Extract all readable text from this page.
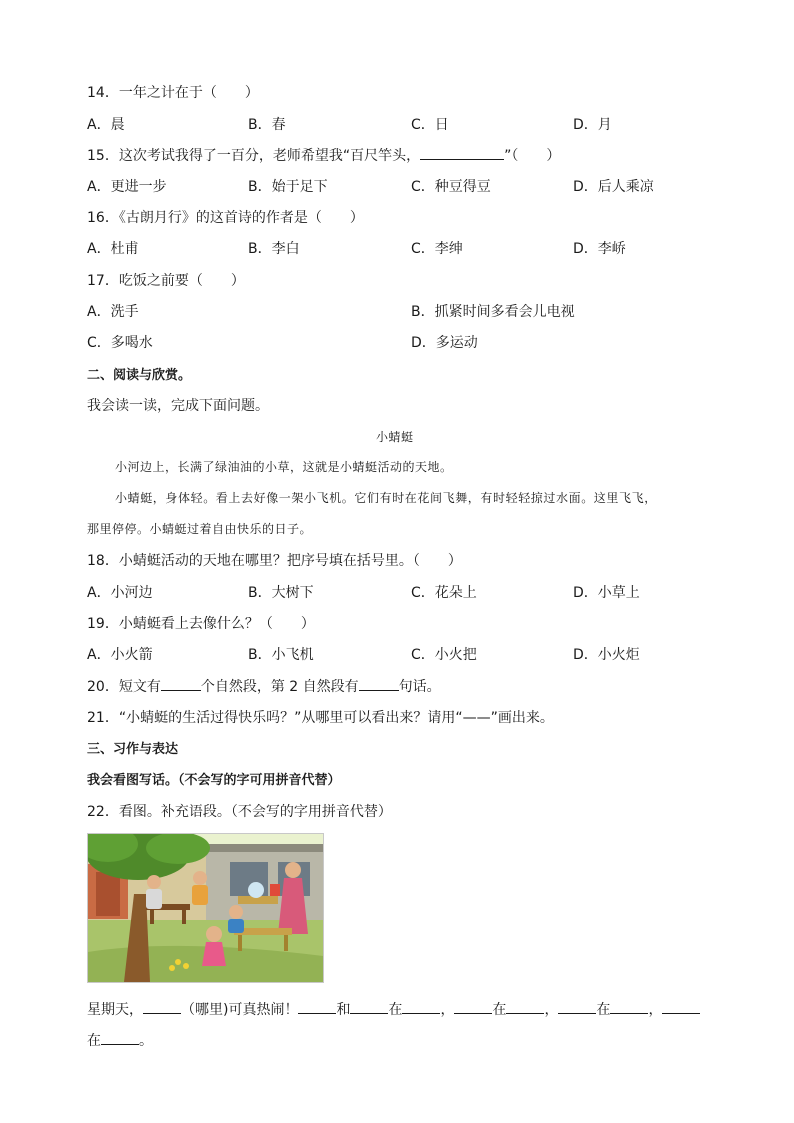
14．一年之计在于（　　）
A．晨	B．春	C．日	D．月
15．这次考试我得了一百分，老师希望我“百尺竿头，	”（　　）
A．更进一步	B．始于足下	C．种豆得豆	D．后人乘凉
16．《古朗月行》的这首诗的作者是（　　）
A．杜甫	B．李白	C．李绅	D．李峤
17．吃饭之前要（　　）
A．洗手	B．抓紧时间多看会儿电视
C．多喝水	D．多运动
二、阅读与欣赏。
我会读一读，完成下面问题。
小蜻蜓
小河边上，长满了绿油油的小草，这就是小蜻蜓活动的天地。
小蜻蜓，身体轻。看上去好像一架小飞机。它们有时在花间飞舞，有时轻轻掠过水面。这里飞飞，
那里停停。小蜻蜓过着自由快乐的日子。
18．小蜻蜓活动的天地在哪里？把序号填在括号里。（　　）
A．小河边	B．大树下	C．花朵上	D．小草上
19．小蜻蜓看上去像什么？（　　）
A．小火箭	B．小飞机	C．小火把	D．小火炬
20．短文有	个自然段，第 2 自然段有	句话。
21．“小蜻蜓的生活过得快乐吗？”从哪里可以看出来？请用“——”画出来。
三、习作与表达
我会看图写话。（不会写的字可用拼音代替）
22．看图。补充语段。（不会写的字用拼音代替）
星期天，	（哪里)可真热闹！	和	在	，	在	，	在	，
在	。
